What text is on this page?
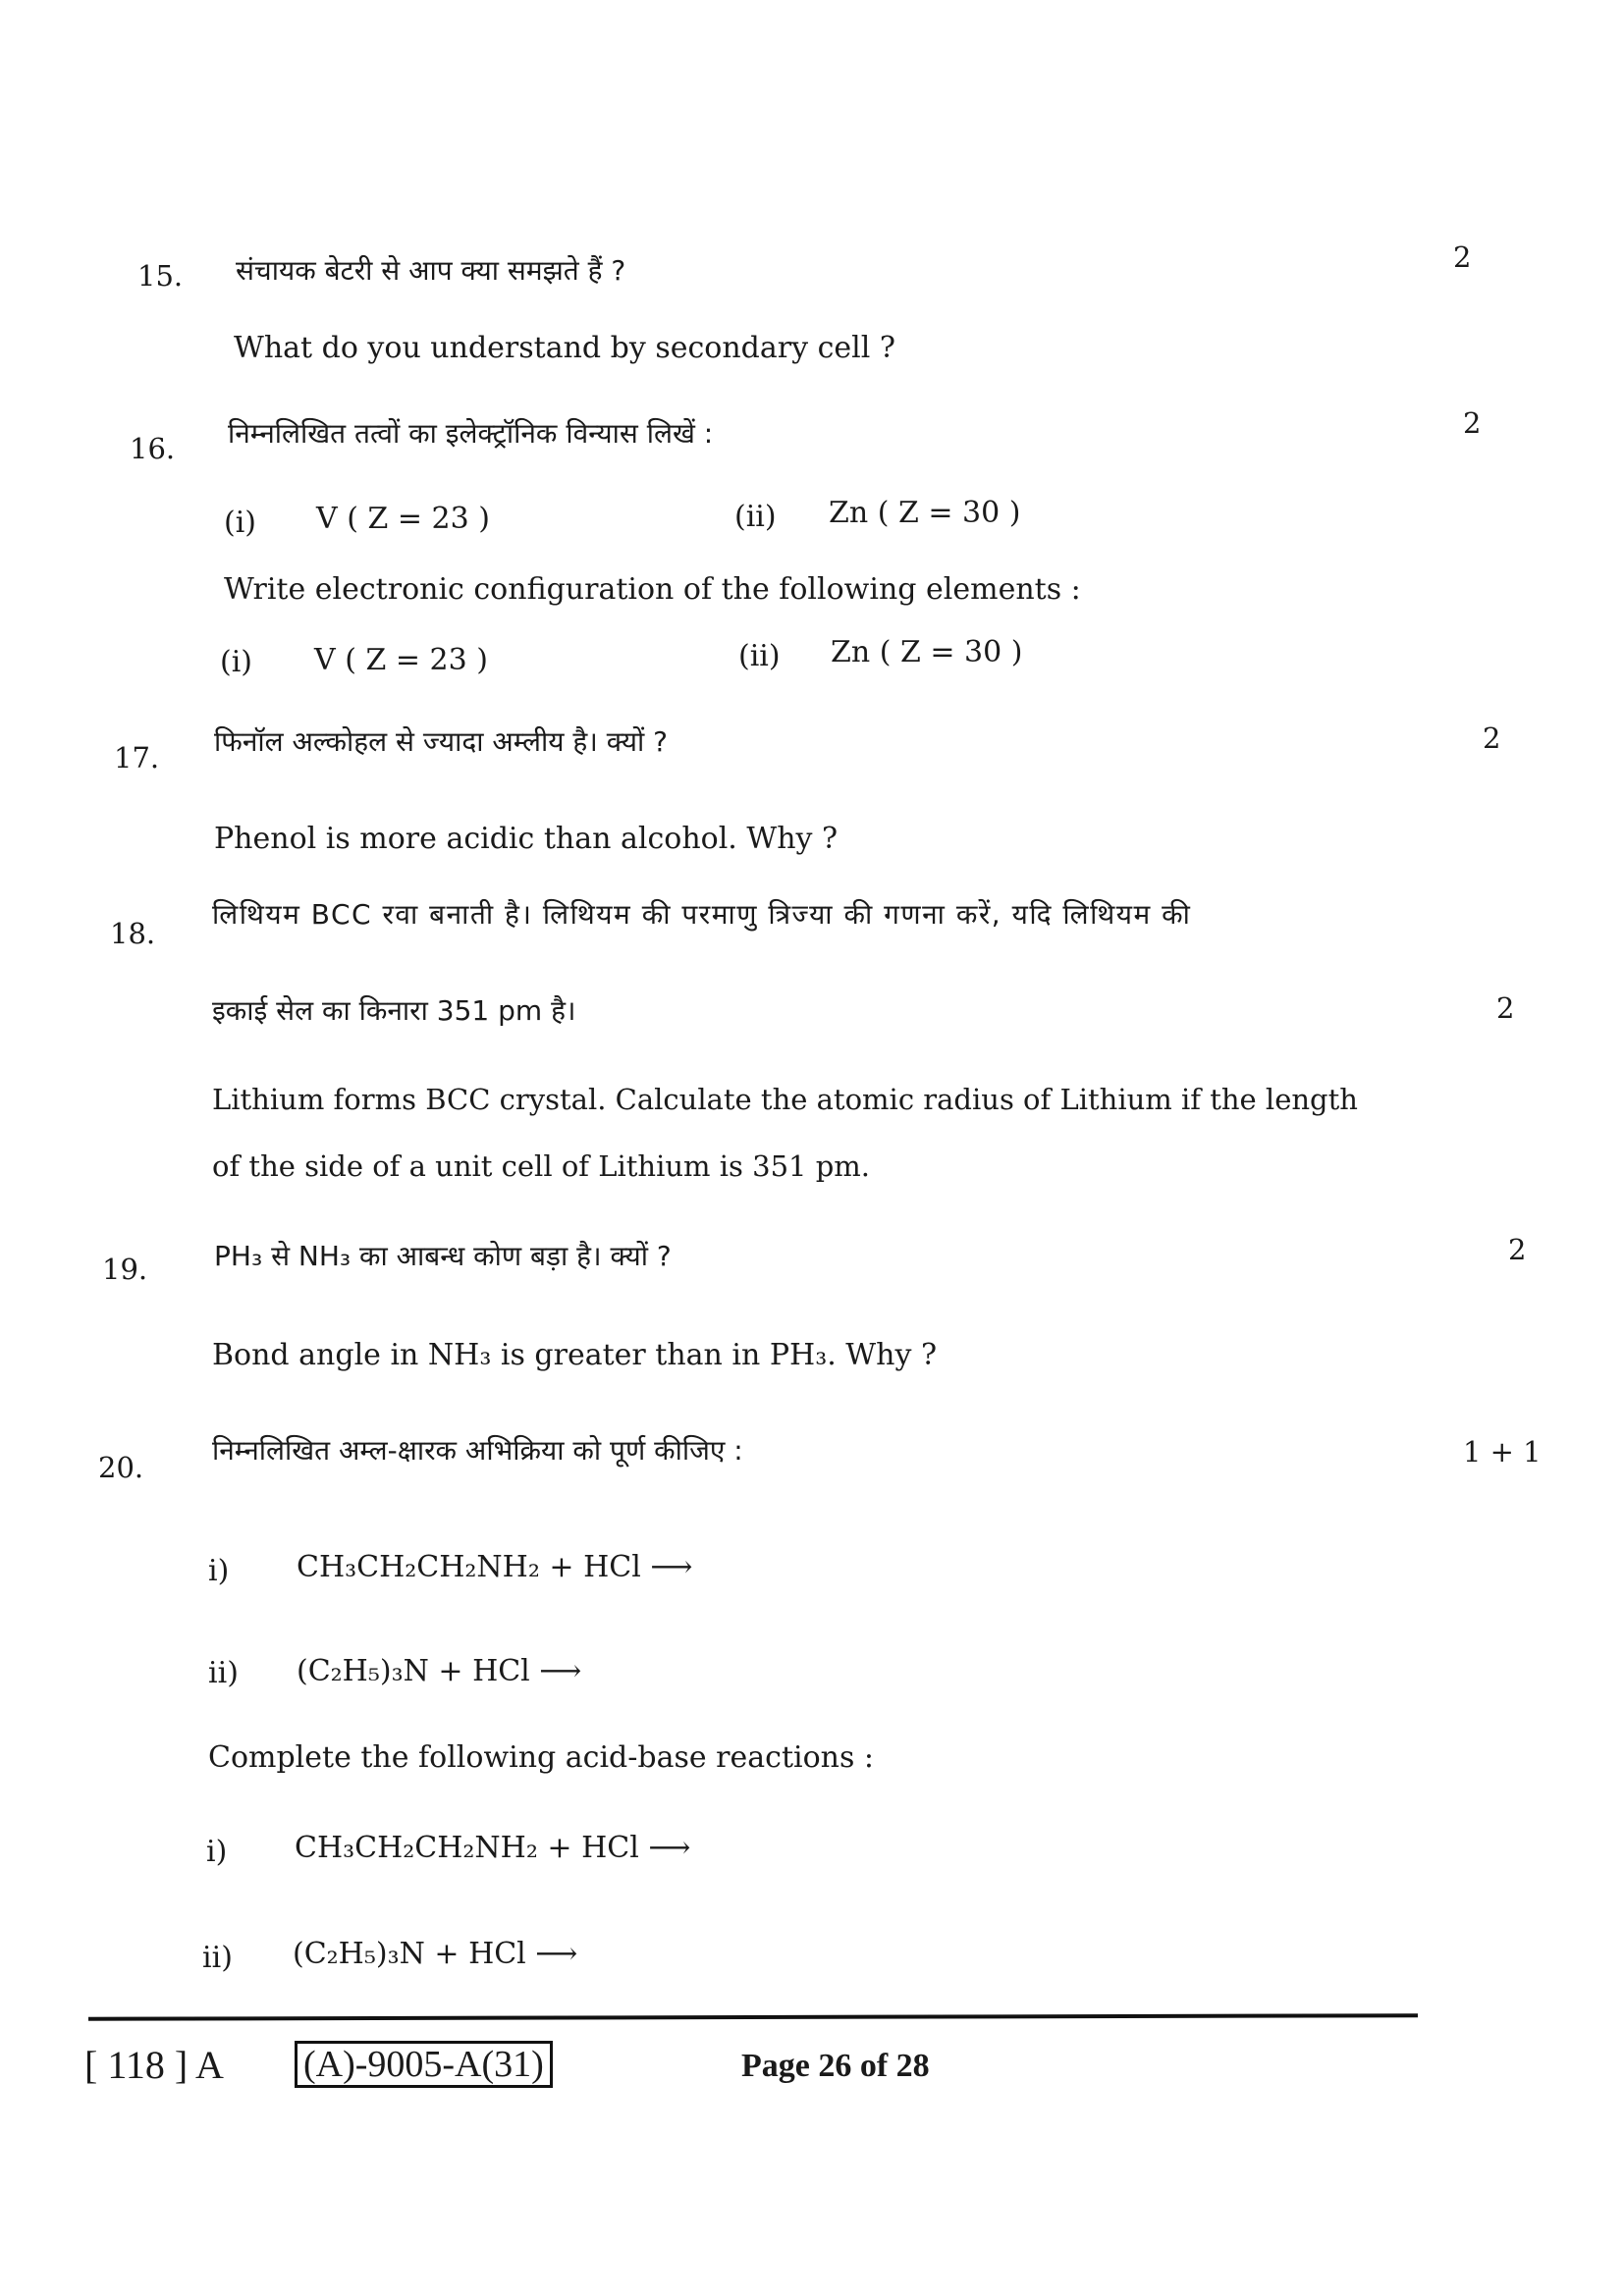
15. संचायक बेटरी से आप क्या समझते हैं ?	2
What do you understand by secondary cell ?
16. निम्नलिखित तत्वों का इलेक्ट्रॉनिक विन्यास लिखें :	2
(i) V ( Z = 23 )	(ii) Zn ( Z = 30 )
Write electronic configuration of the following elements :
(i) V ( Z = 23 )	(ii) Zn ( Z = 30 )
17. फिनॉल अल्कोहल से ज्यादा अम्लीय है। क्यों ?	2
Phenol is more acidic than alcohol. Why ?
18.
लिथियम BCC रवा बनाती है। लिथियम की परमाणु त्रिज्या की गणना करें, यदि लिथियम की
इकाई सेल का किनारा 351 pm है।	2
Lithium forms BCC crystal. Calculate the atomic radius of Lithium if the length
of the side of a unit cell of Lithium is 351 pm.
19. PH₃ से NH₃ का आबन्ध कोण बड़ा है। क्यों ?	2
Bond angle in NH₃ is greater than in PH₃. Why ?
20.
निम्नलिखित अम्ल-क्षारक अभिक्रिया को पूर्ण कीजिए :	1 + 1
i) CH₃CH₂CH₂NH₂ + HCl ⟶
ii) (C₂H₅)₃N + HCl ⟶
Complete the following acid-base reactions :
i) CH₃CH₂CH₂NH₂ + HCl ⟶
ii) (C₂H₅)₃N + HCl ⟶
[ 118 ] A (A)-9005-A(31)	Page 26 of 28
